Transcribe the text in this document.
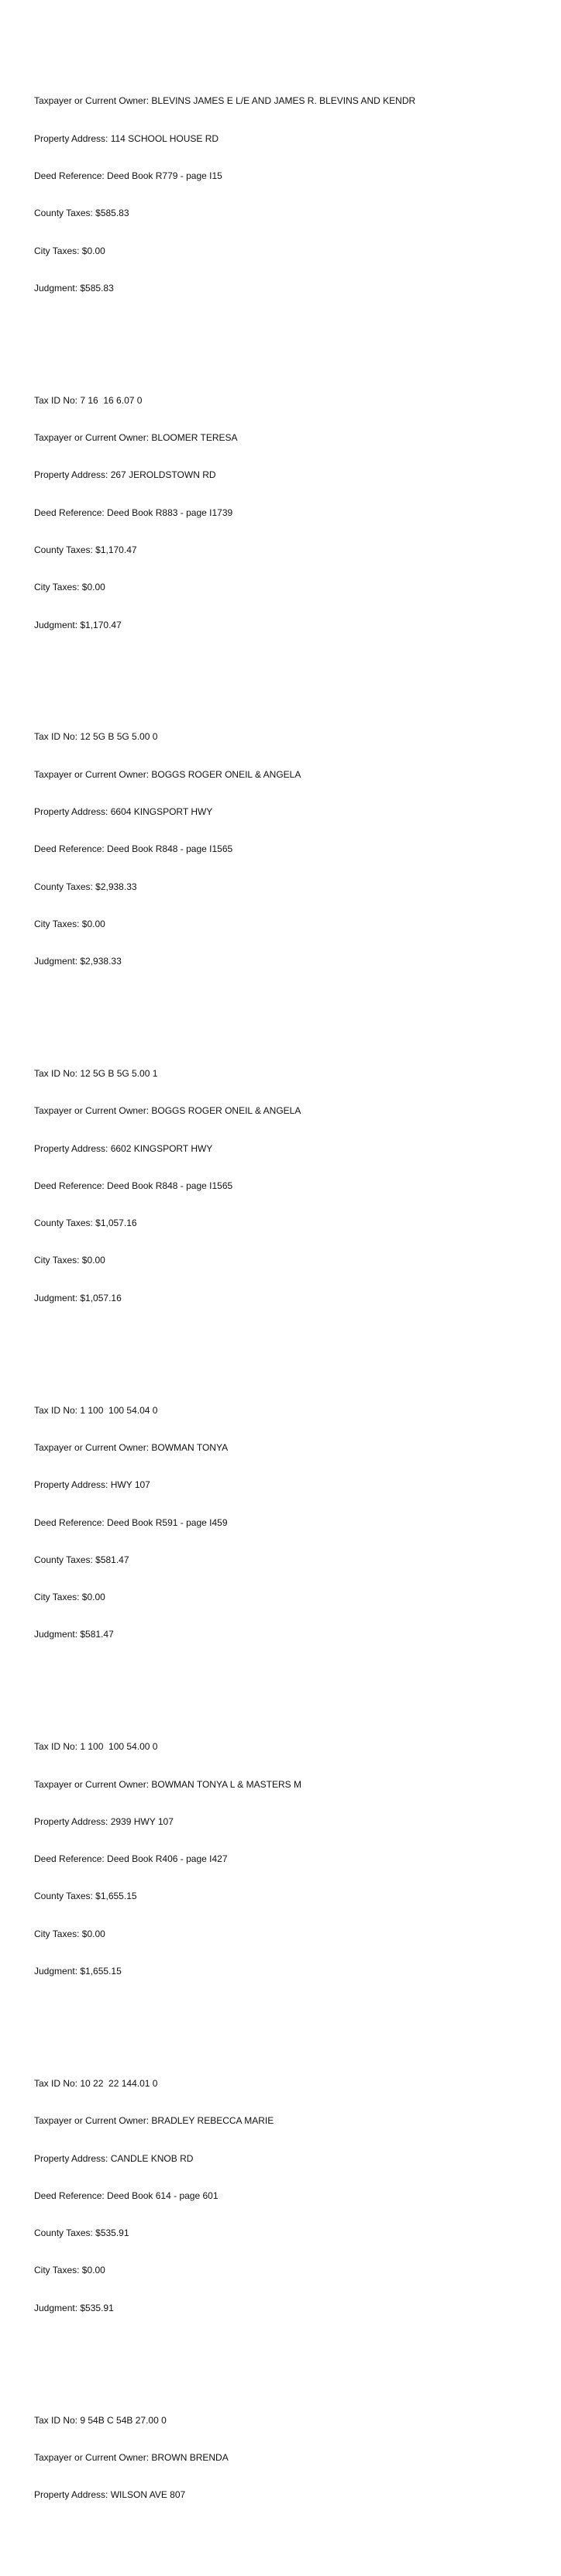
Taxpayer or Current Owner: BLEVINS JAMES E L/E AND JAMES R. BLEVINS AND KENDR

Property Address: 114 SCHOOL HOUSE RD

Deed Reference: Deed Book R779 - page I15

County Taxes: $585.83

City Taxes: $0.00

Judgment: $585.83

Tax ID No: 7 16  16 6.07 0

Taxpayer or Current Owner: BLOOMER TERESA

Property Address: 267 JEROLDSTOWN RD

Deed Reference: Deed Book R883 - page I1739

County Taxes: $1,170.47

City Taxes: $0.00

Judgment: $1,170.47

Tax ID No: 12 5G B 5G 5.00 0

Taxpayer or Current Owner: BOGGS ROGER ONEIL & ANGELA

Property Address: 6604 KINGSPORT HWY

Deed Reference: Deed Book R848 - page I1565

County Taxes: $2,938.33

City Taxes: $0.00

Judgment: $2,938.33

Tax ID No: 12 5G B 5G 5.00 1

Taxpayer or Current Owner: BOGGS ROGER ONEIL & ANGELA

Property Address: 6602 KINGSPORT HWY

Deed Reference: Deed Book R848 - page I1565

County Taxes: $1,057.16

City Taxes: $0.00

Judgment: $1,057.16

Tax ID No: 1 100  100 54.04 0

Taxpayer or Current Owner: BOWMAN TONYA

Property Address: HWY 107

Deed Reference: Deed Book R591 - page I459

County Taxes: $581.47

City Taxes: $0.00

Judgment: $581.47

Tax ID No: 1 100  100 54.00 0

Taxpayer or Current Owner: BOWMAN TONYA L & MASTERS M

Property Address: 2939 HWY 107

Deed Reference: Deed Book R406 - page I427

County Taxes: $1,655.15

City Taxes: $0.00

Judgment: $1,655.15

Tax ID No: 10 22  22 144.01 0

Taxpayer or Current Owner: BRADLEY REBECCA MARIE

Property Address: CANDLE KNOB RD

Deed Reference: Deed Book 614 - page 601

County Taxes: $535.91

City Taxes: $0.00

Judgment: $535.91

Tax ID No: 9 54B C 54B 27.00 0

Taxpayer or Current Owner: BROWN BRENDA

Property Address: WILSON AVE 807
